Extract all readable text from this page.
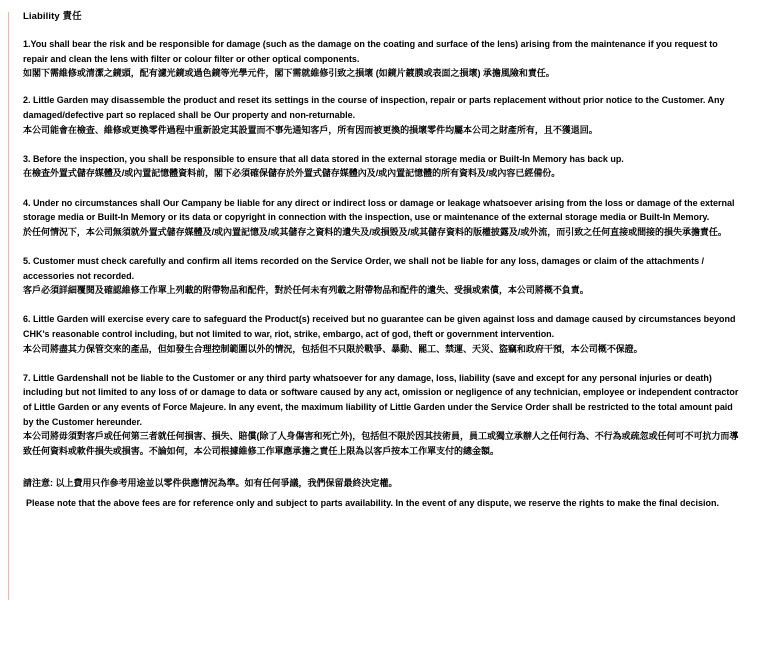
Liability 責任

1.You shall bear the risk and be responsible for damage (such as the damage on the coating and surface of the lens) arising from the maintenance if you request to repair and clean the lens with filter or colour filter or other optical components.

如閣下需維修或清潔之鏡頭，配有濾光鏡或過色鏡等光學元件，閣下需就維修引致之損壞 (如鏡片鍍膜或表面之損壞) 承擔風險和責任。

2. Little Garden may disassemble the product and reset its settings in the course of inspection, repair or parts replacement without prior notice to the Customer. Any damaged/defective part so replaced shall be Our property and non-returnable.

本公司能會在檢查、維修或更換零件過程中重新設定其設置而不事先通知客戶，所有因而被更換的損壞零件均屬本公司之財產所有，且不獲退回。

3. Before the inspection, you shall be responsible to ensure that all data stored in the external storage media or Built-In Memory has back up.

在檢查外置式儲存媒體及/或內置記憶體資料前，閣下必須確保儲存於外置式儲存媒體內及/或內置記憶體的所有資料及/或內容已經備份。

4. Under no circumstances shall Our Campany be liable for any direct or indirect loss or damage or leakage whatsoever arising from the loss or damage of the external storage media or Built-In Memory or its data or copyright in connection with the inspection, use or maintenance of the external storage media or Built-In Memory.

於任何情況下，本公司無須就外置式儲存媒體及/或內置記憶及/或其儲存之資料的遺失及/或損毀及/或其儲存資料的版權披露及/或外流，而引致之任何直接或間接的損失承擔責任。

5. Customer must check carefully and confirm all items recorded on the Service Order, we shall not be liable for any loss, damages or claim of the attachments / accessories not recorded.

客戶必須詳細覆閱及確認維修工作單上列載的附帶物品和配件，對於任何未有列載之附帶物品和配件的遺失、受損或索償，本公司將概不負責。

6. Little Garden will exercise every care to safeguard the Product(s) received but no guarantee can be given against loss and damage caused by circumstances beyond CHK's reasonable control including, but not limited to war, riot, strike, embargo, act of god, theft or government intervention.

本公司將盡其力保管交來的產品，但如發生合理控制範圍以外的情況，包括但不只限於戰爭、暴動、罷工、禁運、天災、盜竊和政府干預，本公司概不保證。

7. Little Gardenshall not be liable to the Customer or any third party whatsoever for any damage, loss, liability (save and except for any personal injuries or death) including but not limited to any loss of or damage to data or software caused by any act, omission or negligence of any technician, employee or independent contractor of Little Garden or any events of Force Majeure. In any event, the maximum liability of Little Garden under the Service Order shall be restricted to the total amount paid by the Customer hereunder.

本公司將毋須對客戶或任何第三者就任何損害、損失、賠償(除了人身傷害和死亡外)，包括但不限於因其技術員，員工或獨立承辦人之任何行為、不行為或疏忽或任何可不可抗力而導致任何資料或軟件損失或損害。不論如何，本公司根據維修工作單應承擔之責任上限為以客戶按本工作單支付的總金額。

請注意: 以上費用只作參考用途並以零件供應情況為準。如有任何爭議，我們保留最終決定權。

Please note that the above fees are for reference only and subject to parts availability. In the event of any dispute, we reserve the rights to make the final decision.
